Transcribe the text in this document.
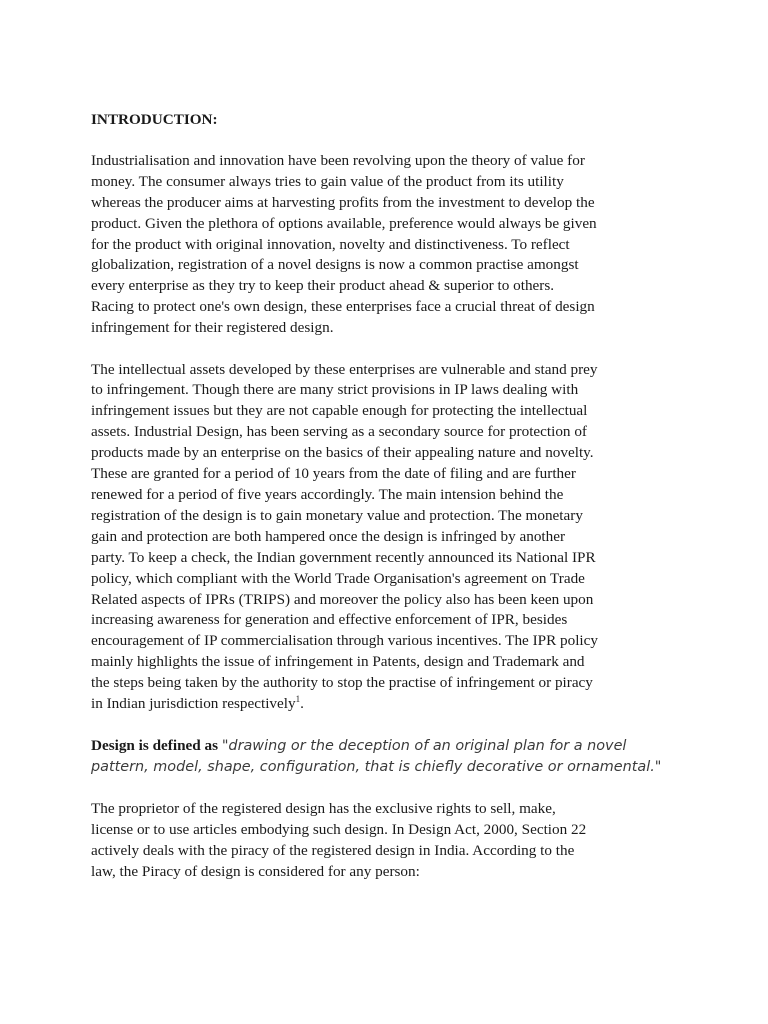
INTRODUCTION:
Industrialisation and innovation have been revolving upon the theory of value for
money. The consumer always tries to gain value of the product from its utility
whereas the producer aims at harvesting profits from the investment to develop the
product. Given the plethora of options available, preference would always be given
for the product with original innovation, novelty and distinctiveness. To reflect
globalization, registration of a novel designs is now a common practise amongst
every enterprise as they try to keep their product ahead & superior to others.
Racing to protect one's own design, these enterprises face a crucial threat of design
infringement for their registered design.
The intellectual assets developed by these enterprises are vulnerable and stand prey
to infringement. Though there are many strict provisions in IP laws dealing with
infringement issues but they are not capable enough for protecting the intellectual
assets. Industrial Design, has been serving as a secondary source for protection of
products made by an enterprise on the basics of their appealing nature and novelty.
These are granted for a period of 10 years from the date of filing and are further
renewed for a period of five years accordingly. The main intension behind the
registration of the design is to gain monetary value and protection. The monetary
gain and protection are both hampered once the design is infringed by another
party. To keep a check, the Indian government recently announced its National IPR
policy, which compliant with the World Trade Organisation's agreement on Trade
Related aspects of IPRs (TRIPS) and moreover the policy also has been keen upon
increasing awareness for generation and effective enforcement of IPR, besides
encouragement of IP commercialisation through various incentives. The IPR policy
mainly highlights the issue of infringement in Patents, design and Trademark and
the steps being taken by the authority to stop the practise of infringement or piracy
in Indian jurisdiction respectively$^1$.
Design is defined as "drawing or the deception of an original plan for a novel
pattern, model, shape, configuration, that is chiefly decorative or ornamental."
The proprietor of the registered design has the exclusive rights to sell, make,
license or to use articles embodying such design. In Design Act, 2000, Section 22
actively deals with the piracy of the registered design in India. According to the
law, the Piracy of design is considered for any person:
